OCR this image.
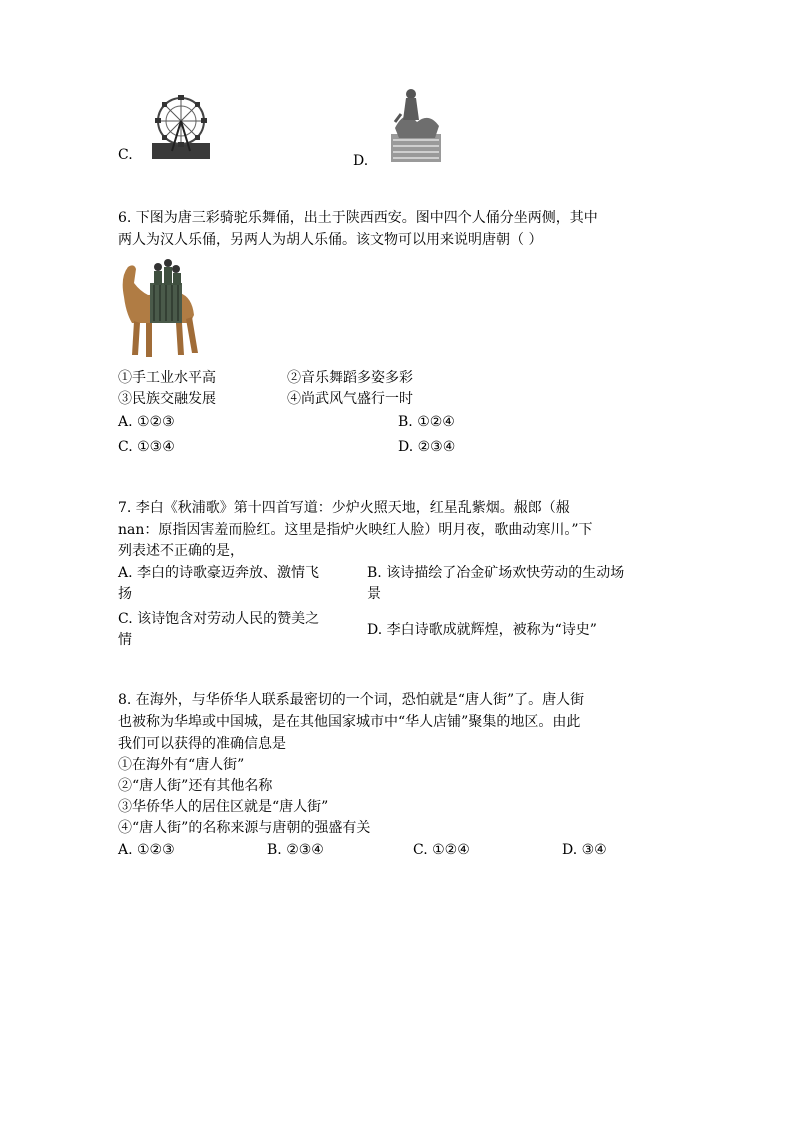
C.	D.
6. 下图为唐三彩骑驼乐舞俑，出土于陕西西安。图中四个人俑分坐两侧，其中
两人为汉人乐俑，另两人为胡人乐俑。该文物可以用来说明唐朝（ ）
①手工业水平高	②音乐舞蹈多姿多彩
③民族交融发展	④尚武风气盛行一时
A. ①②③	B. ①②④
C. ①③④	D. ②③④
7. 李白《秋浦歌》第十四首写道：少炉火照天地，红星乱紫烟。赧郎（赧
nan：原指因害羞而脸红。这里是指炉火映红人脸）明月夜，歌曲动寒川。”下
列表述不正确的是，
A. 李白的诗歌豪迈奔放、激情飞
扬
B. 该诗描绘了冶金矿场欢快劳动的生动场
景
C. 该诗饱含对劳动人民的赞美之
情
D. 李白诗歌成就辉煌，被称为“诗史”
8. 在海外，与华侨华人联系最密切的一个词，恐怕就是“唐人街”了。唐人街
也被称为华埠或中国城，是在其他国家城市中“华人店铺”聚集的地区。由此
我们可以获得的准确信息是
①在海外有“唐人街”
②“唐人街”还有其他名称
③华侨华人的居住区就是“唐人街”
④“唐人街”的名称来源与唐朝的强盛有关
A. ①②③	B. ②③④	C. ①②④	D. ③④
